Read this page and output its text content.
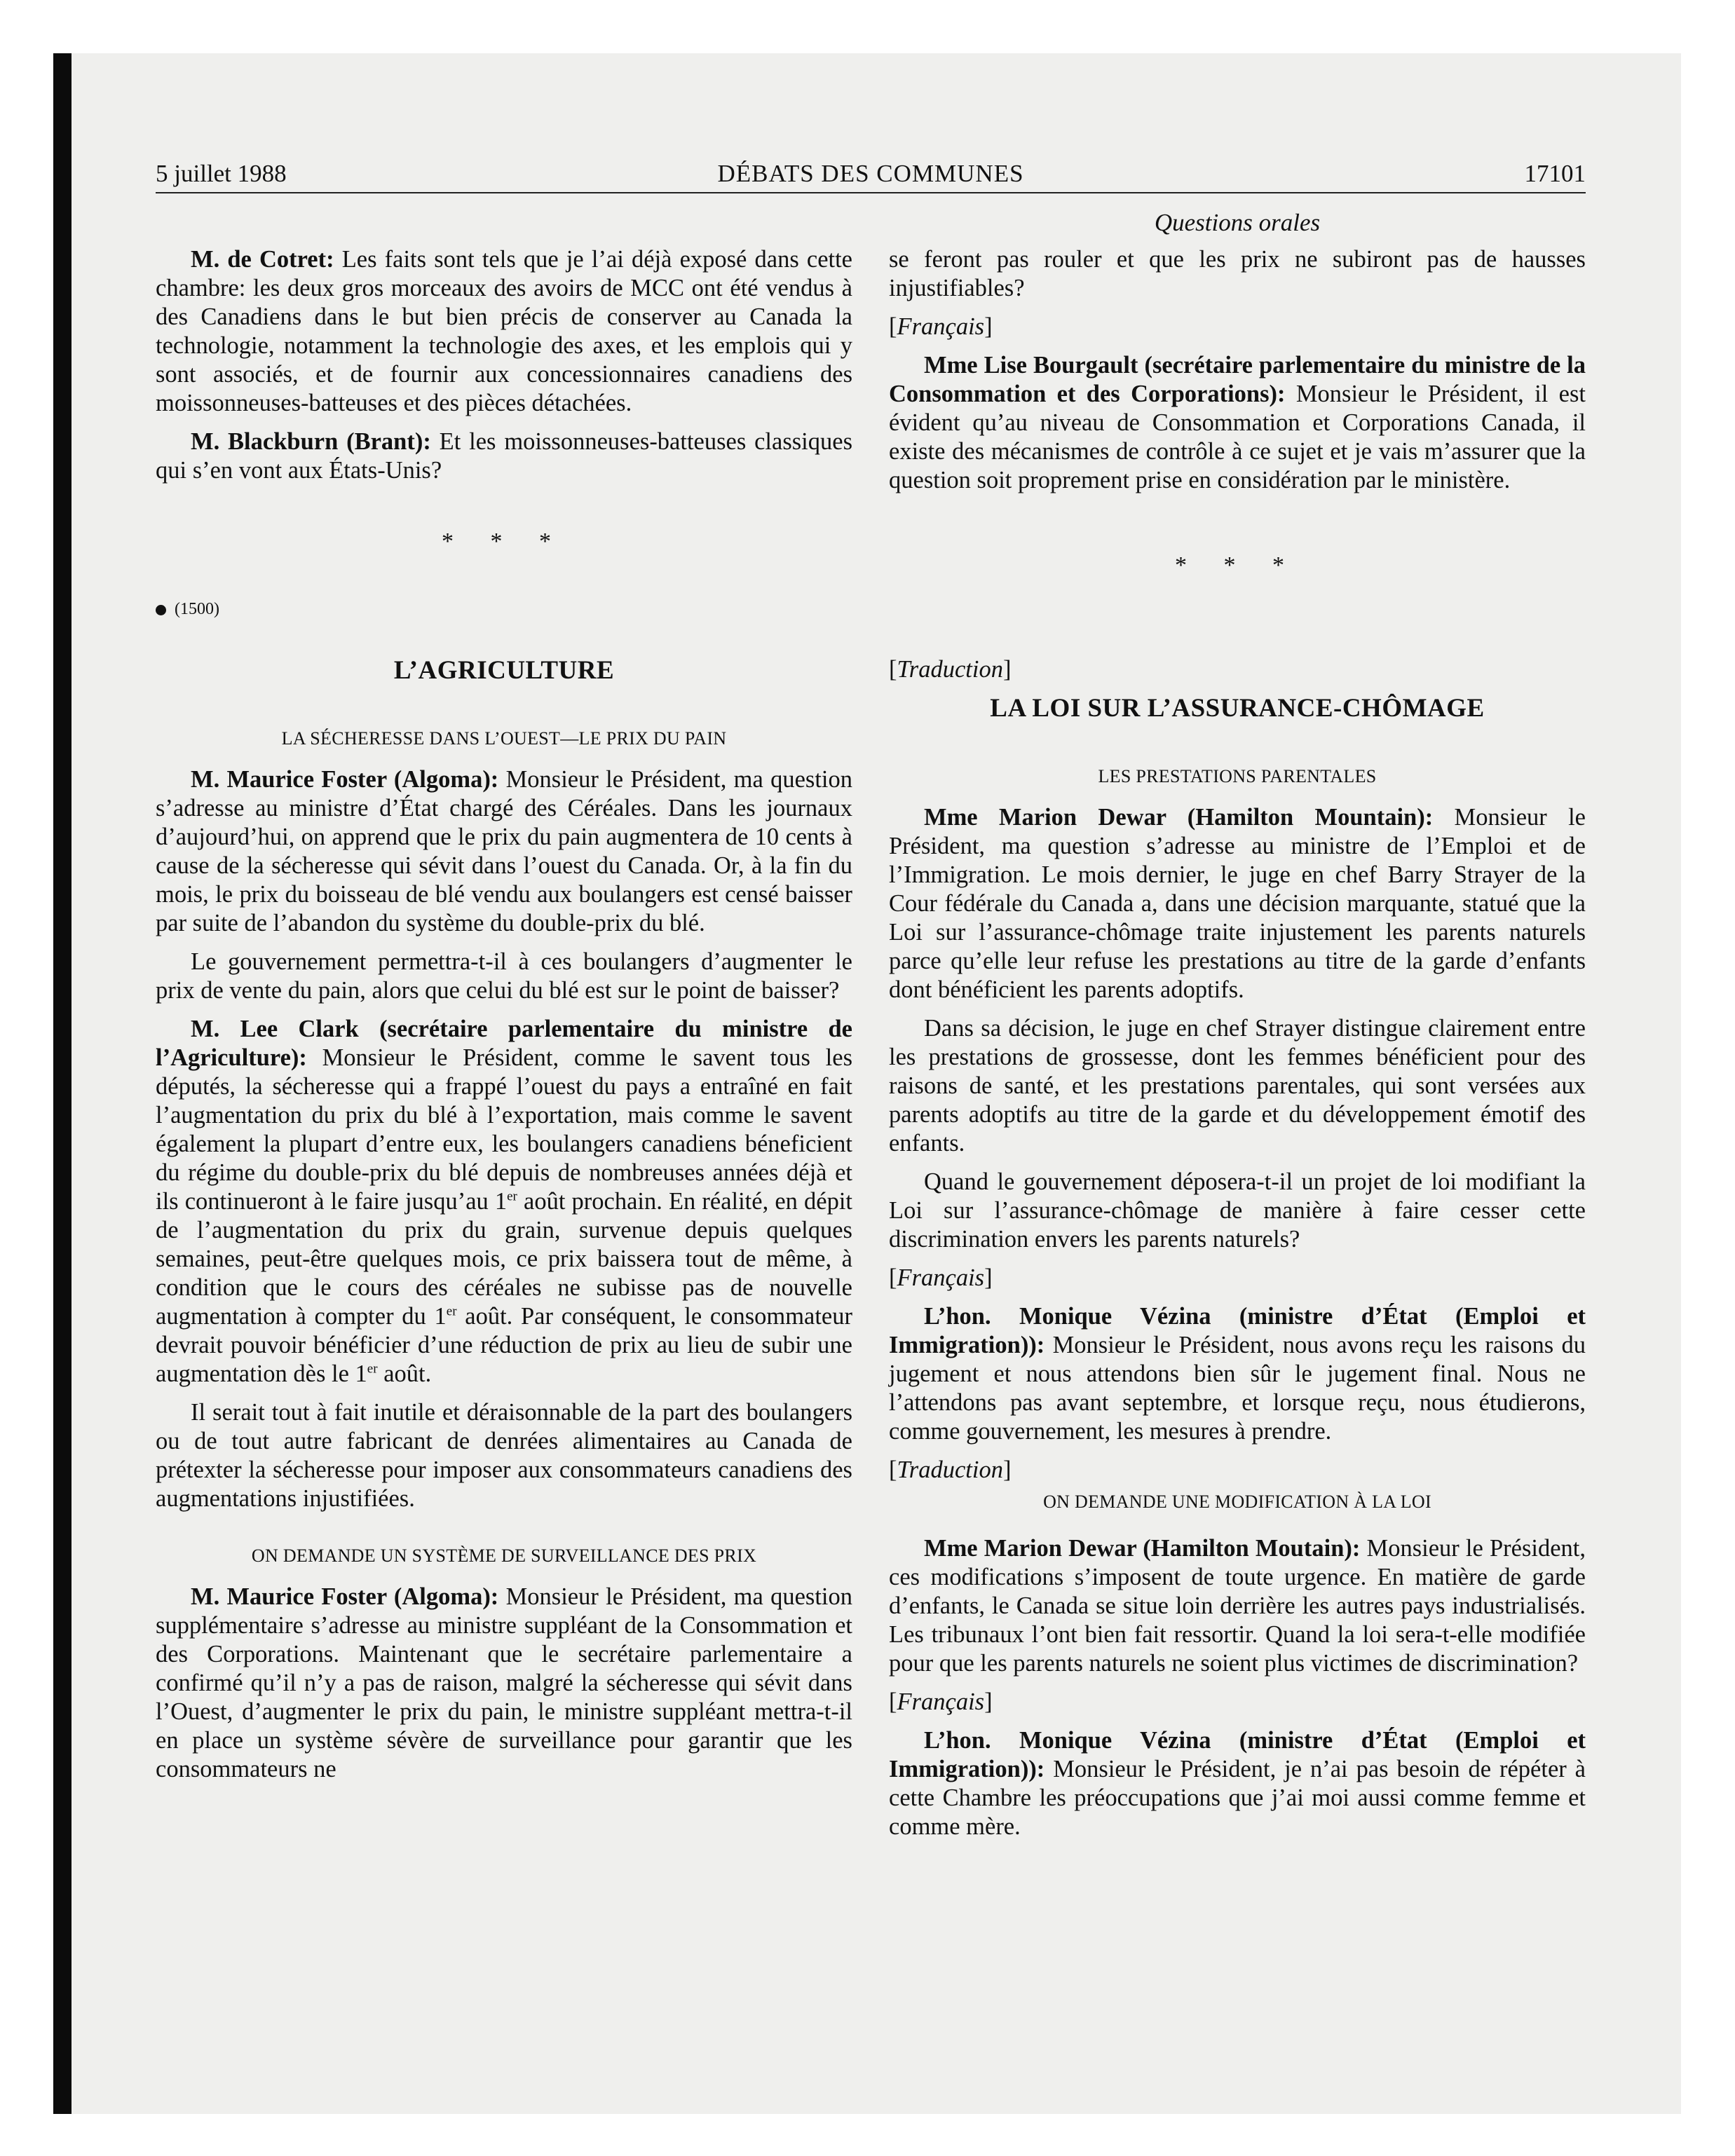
5 juillet 1988	DÉBATS DES COMMUNES	17101
Questions orales

M. de Cotret: Les faits sont tels que je l’ai déjà exposé dans cette chambre: les deux gros morceaux des avoirs de MCC ont été vendus à des Canadiens dans le but bien précis de conserver au Canada la technologie, notamment la technologie des axes, et les emplois qui y sont associés, et de fournir aux concessionnaires canadiens des moissonneuses-batteuses et des pièces détachées.

M. Blackburn (Brant): Et les moissonneuses-batteuses classiques qui s’en vont aux États-Unis?

* * *
(1500)
L’AGRICULTURE
LA SÉCHERESSE DANS L’OUEST—LE PRIX DU PAIN

M. Maurice Foster (Algoma): Monsieur le Président, ma question s’adresse au ministre d’État chargé des Céréales. Dans les journaux d’aujourd’hui, on apprend que le prix du pain augmentera de 10 cents à cause de la sécheresse qui sévit dans l’ouest du Canada. Or, à la fin du mois, le prix du boisseau de blé vendu aux boulangers est censé baisser par suite de l’abandon du système du double-prix du blé.

Le gouvernement permettra-t-il à ces boulangers d’augmenter le prix de vente du pain, alors que celui du blé est sur le point de baisser?

M. Lee Clark (secrétaire parlementaire du ministre de l’Agriculture): Monsieur le Président, comme le savent tous les députés, la sécheresse qui a frappé l’ouest du pays a entraîné en fait l’augmentation du prix du blé à l’exportation, mais comme le savent également la plupart d’entre eux, les boulangers canadiens béneficient du régime du double-prix du blé depuis de nombreuses années déjà et ils continueront à le faire jusqu’au 1er août prochain. En réalité, en dépit de l’augmentation du prix du grain, survenue depuis quelques semaines, peut-être quelques mois, ce prix baissera tout de même, à condition que le cours des céréales ne subisse pas de nouvelle augmentation à compter du 1er août. Par conséquent, le consommateur devrait pouvoir bénéficier d’une réduction de prix au lieu de subir une augmentation dès le 1er août.

Il serait tout à fait inutile et déraisonnable de la part des boulangers ou de tout autre fabricant de denrées alimentaires au Canada de prétexter la sécheresse pour imposer aux consommateurs canadiens des augmentations injustifiées.

ON DEMANDE UN SYSTÈME DE SURVEILLANCE DES PRIX

M. Maurice Foster (Algoma): Monsieur le Président, ma question supplémentaire s’adresse au ministre suppléant de la Consommation et des Corporations. Maintenant que le secrétaire parlementaire a confirmé qu’il n’y a pas de raison, malgré la sécheresse qui sévit dans l’Ouest, d’augmenter le prix du pain, le ministre suppléant mettra-t-il en place un système sévère de surveillance pour garantir que les consommateurs ne

se feront pas rouler et que les prix ne subiront pas de hausses injustifiables?

[Français]

Mme Lise Bourgault (secrétaire parlementaire du ministre de la Consommation et des Corporations): Monsieur le Président, il est évident qu’au niveau de Consommation et Corporations Canada, il existe des mécanismes de contrôle à ce sujet et je vais m’assurer que la question soit proprement prise en considération par le ministère.

* * *
[Traduction]
LA LOI SUR L’ASSURANCE-CHÔMAGE
LES PRESTATIONS PARENTALES

Mme Marion Dewar (Hamilton Mountain): Monsieur le Président, ma question s’adresse au ministre de l’Emploi et de l’Immigration. Le mois dernier, le juge en chef Barry Strayer de la Cour fédérale du Canada a, dans une décision marquante, statué que la Loi sur l’assurance-chômage traite injustement les parents naturels parce qu’elle leur refuse les prestations au titre de la garde d’enfants dont bénéficient les parents adoptifs.

Dans sa décision, le juge en chef Strayer distingue clairement entre les prestations de grossesse, dont les femmes bénéficient pour des raisons de santé, et les prestations parentales, qui sont versées aux parents adoptifs au titre de la garde et du développement émotif des enfants.

Quand le gouvernement déposera-t-il un projet de loi modifiant la Loi sur l’assurance-chômage de manière à faire cesser cette discrimination envers les parents naturels?

[Français]

L’hon. Monique Vézina (ministre d’État (Emploi et Immigration)): Monsieur le Président, nous avons reçu les raisons du jugement et nous attendons bien sûr le jugement final. Nous ne l’attendons pas avant septembre, et lorsque reçu, nous étudierons, comme gouvernement, les mesures à prendre.

[Traduction]
ON DEMANDE UNE MODIFICATION À LA LOI

Mme Marion Dewar (Hamilton Moutain): Monsieur le Président, ces modifications s’imposent de toute urgence. En matière de garde d’enfants, le Canada se situe loin derrière les autres pays industrialisés. Les tribunaux l’ont bien fait ressortir. Quand la loi sera-t-elle modifiée pour que les parents naturels ne soient plus victimes de discrimination?

[Français]

L’hon. Monique Vézina (ministre d’État (Emploi et Immigration)): Monsieur le Président, je n’ai pas besoin de répéter à cette Chambre les préoccupations que j’ai moi aussi comme femme et comme mère.
